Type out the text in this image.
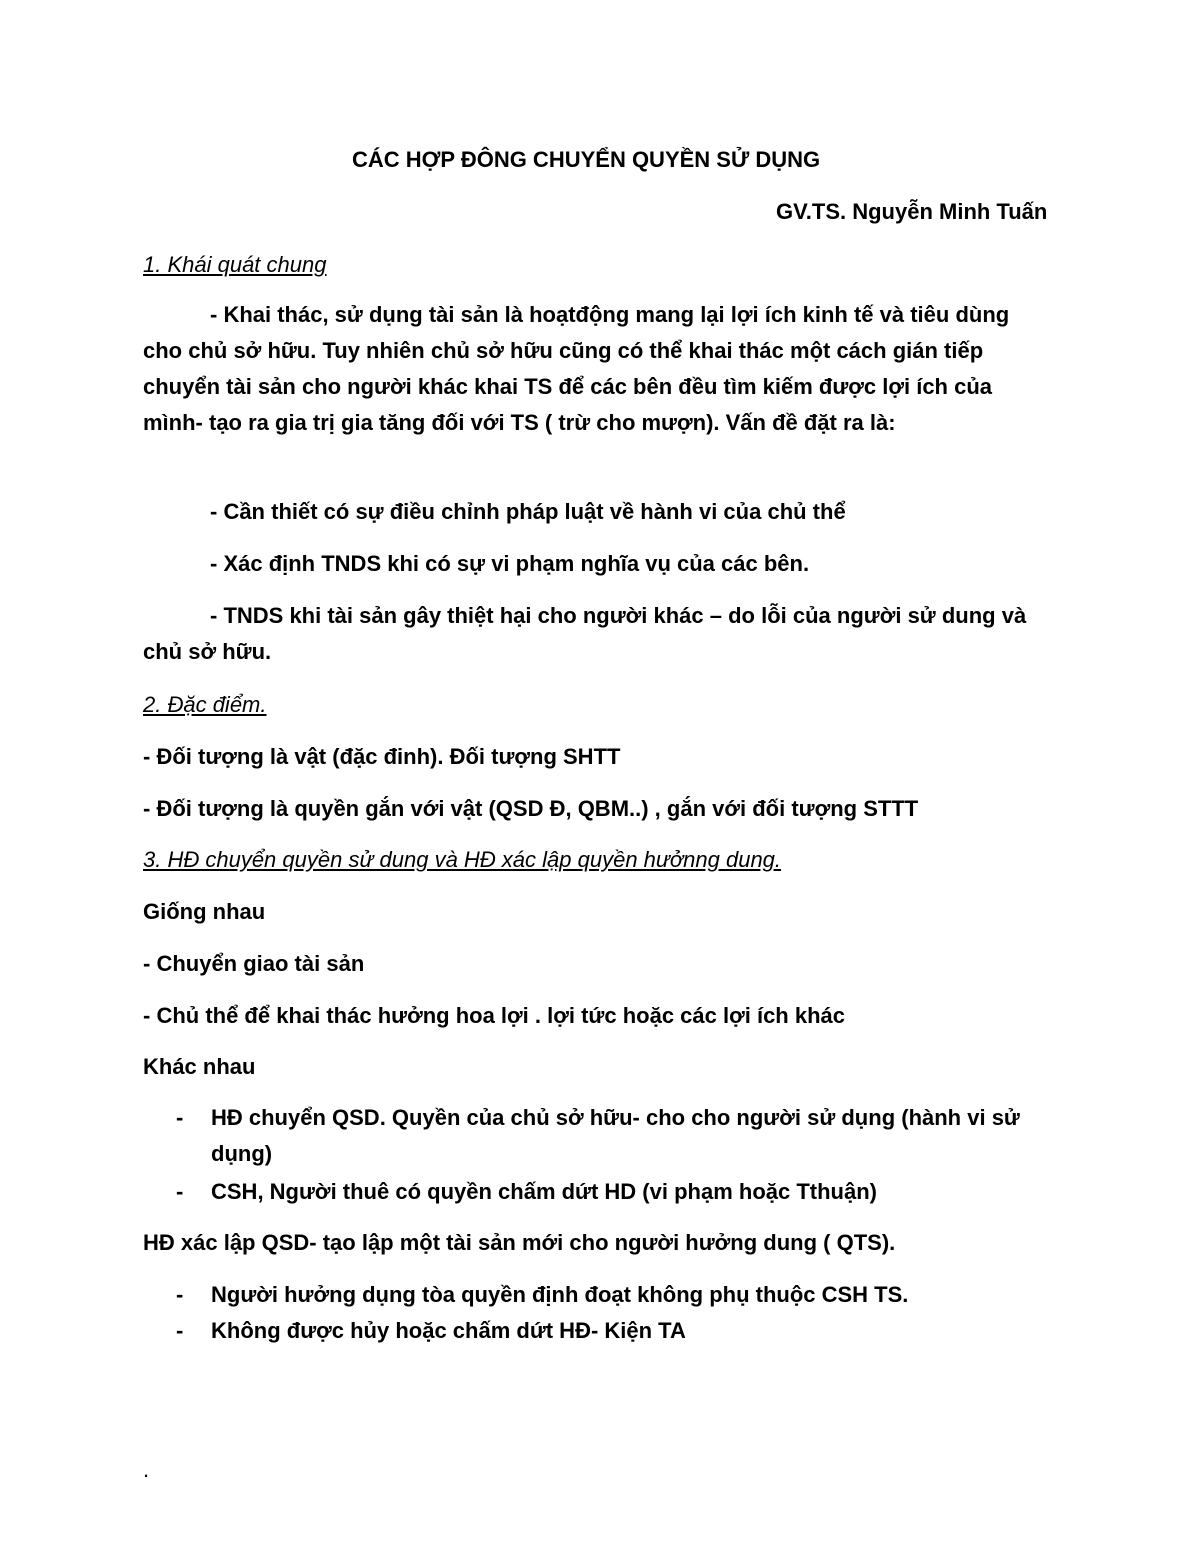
CÁC HỢP ĐÔNG CHUYỂN QUYỀN SỬ DỤNG
GV.TS. Nguyễn Minh Tuấn
1. Khái quát chung
- Khai thác, sử dụng tài sản là hoạtđộng mang lại lợi ích kinh tế và tiêu dùng cho chủ sở hữu. Tuy nhiên chủ sở hữu cũng có thể khai thác một cách gián tiếp chuyển tài sản cho người khác khai TS để các bên đều tìm kiếm được lợi ích của mình- tạo ra gia trị gia tăng đối với TS ( trừ cho mượn). Vấn đề đặt ra là:
- Cần thiết có sự điều chỉnh pháp luật về hành vi của chủ thể
- Xác định TNDS khi có sự vi phạm nghĩa vụ của các bên.
- TNDS khi tài sản gây thiệt hại cho người khác – do lỗi của người sử dung và chủ sở hữu.
2. Đặc điểm.
- Đối tượng là vật (đặc đinh). Đối tượng SHTT
- Đối tượng là quyền gắn với vật (QSD Đ, QBM..) , gắn với đối tượng STTT
3. HĐ chuyển quyền sử dung và HĐ xác lập quyền hưởnng dung.
Giống nhau
- Chuyển giao tài sản
- Chủ thể để khai thác hưởng hoa lợi . lợi tức hoặc các lợi ích khác
Khác nhau
- HĐ chuyển QSD. Quyền của chủ sở hữu- cho cho người sử dụng (hành vi sử dụng)
- CSH, Người thuê có quyền chấm dứt HD (vi phạm hoặc Tthuận)
HĐ xác lập QSD- tạo lập một tài sản mới cho người hưởng dung ( QTS).
- Người hưởng dụng tòa quyền định đoạt không phụ thuộc CSH TS.
- Không được hủy hoặc chấm dứt HĐ- Kiện TA
.
